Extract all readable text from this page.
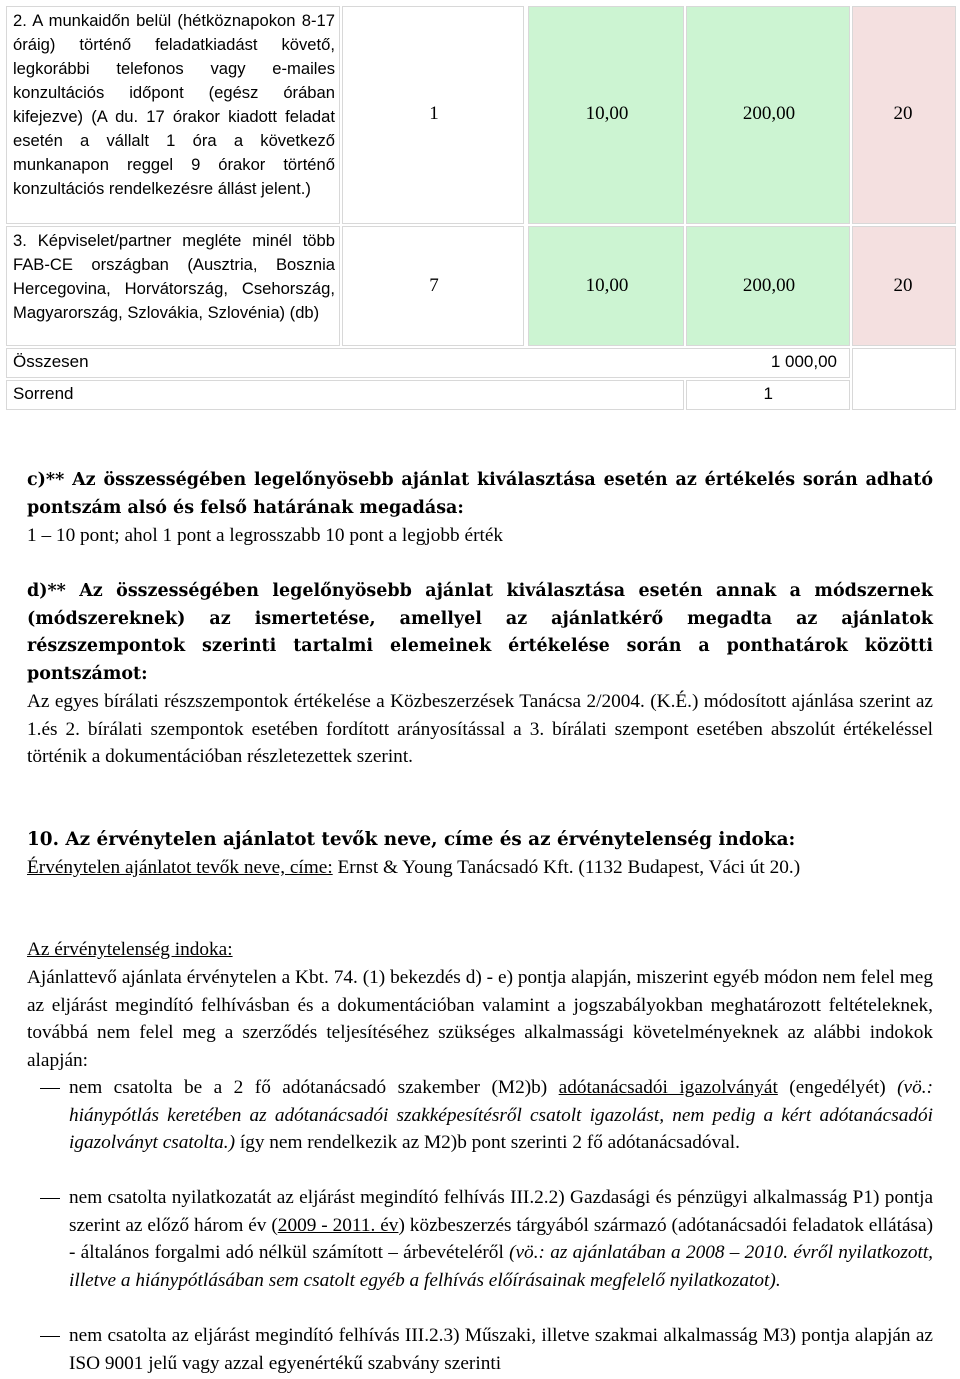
2. A munkaidőn belül (hétköznapokon 8-17 óráig) történő feladatkiadást követő, legkorábbi telefonos vagy e-mailes konzultációs időpont (egész órában kifejezve) (A du. 17 órakor kiadott feladat esetén a vállalt 1 óra a következő munkanapon reggel 9 órakor történő konzultációs rendelkezésre állást jelent.)
1	10,00	200,00	20
3. Képviselet/partner megléte minél több FAB-CE országban (Ausztria, Bosznia Hercegovina, Horvátország, Csehország, Magyarország, Szlovákia, Szlovénia) (db)
7	10,00	200,00	20
Összesen	1 000,00
Sorrend	1
c)** Az összességében legelőnyösebb ajánlat kiválasztása esetén az értékelés során adható pontszám alsó és felső határának megadása:
1 – 10 pont; ahol 1 pont a legrosszabb 10 pont a legjobb érték
d)** Az összességében legelőnyösebb ajánlat kiválasztása esetén annak a módszernek (módszereknek) az ismertetése, amellyel az ajánlatkérő megadta az ajánlatok részszempontok szerinti tartalmi elemeinek értékelése során a ponthatárok közötti pontszámot:
Az egyes bírálati részszempontok értékelése a Közbeszerzések Tanácsa 2/2004. (K.É.) módosított ajánlása szerint az 1.és 2. bírálati szempontok esetében fordított arányosítással a 3. bírálati szempont esetében abszolút értékeléssel történik a dokumentációban részletezettek szerint.
10. Az érvénytelen ajánlatot tevők neve, címe és az érvénytelenség indoka:
Érvénytelen ajánlatot tevők neve, címe: Ernst & Young Tanácsadó Kft. (1132 Budapest, Váci út 20.)
Az érvénytelenség indoka:
Ajánlattevő ajánlata érvénytelen a Kbt. 74. (1) bekezdés d) - e) pontja alapján, miszerint egyéb módon nem felel meg az eljárást megindító felhívásban és a dokumentációban valamint a jogszabályokban meghatározott feltételeknek, továbbá nem felel meg a szerződés teljesítéséhez szükséges alkalmassági követelményeknek az alábbi indokok alapján:
nem csatolta be a 2 fő adótanácsadó szakember (M2)b) adótanácsadói igazolványát (engedélyét) (vö.: hiánypótlás keretében az adótanácsadói szakképesítésről csatolt igazolást, nem pedig a kért adótanácsadói igazolványt csatolta.) így nem rendelkezik az M2)b pont szerinti 2 fő adótanácsadóval.
nem csatolta nyilatkozatát az eljárást megindító felhívás III.2.2) Gazdasági és pénzügyi alkalmasság P1) pontja szerint az előző három év (2009 - 2011. év) közbeszerzés tárgyából származó (adótanácsadói feladatok ellátása) - általános forgalmi adó nélkül számított – árbevételéről (vö.: az ajánlatában a 2008 – 2010. évről nyilatkozott, illetve a hiánypótlásában sem csatolt egyéb a felhívás előírásainak megfelelő nyilatkozatot).
nem csatolta az eljárást megindító felhívás III.2.3) Műszaki, illetve szakmai alkalmasság M3) pontja alapján az ISO 9001 jelű vagy azzal egyenértékű szabvány szerinti
